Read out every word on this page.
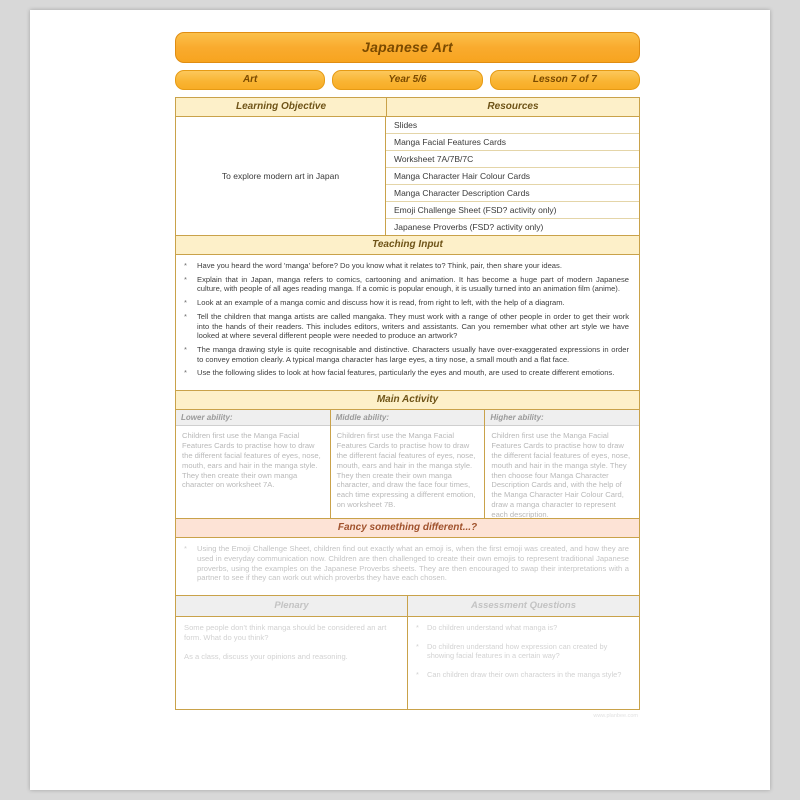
Japanese Art
Art	Year 5/6	Lesson 7 of 7
Learning Objective	Resources
To explore modern art in Japan
Slides
Manga Facial Features Cards
Worksheet 7A/7B/7C
Manga Character Hair Colour Cards
Manga Character Description Cards
Emoji Challenge Sheet (FSD? activity only)
Japanese Proverbs (FSD? activity only)
Teaching Input
*	Have you heard the word 'manga' before? Do you know what it relates to? Think, pair, then share your ideas.
*	Explain that in Japan, manga refers to comics, cartooning and animation. It has become a huge part of modern Japanese culture, with people of all ages reading manga. If a comic is popular enough, it is usually turned into an animation film (anime).
*	Look at an example of a manga comic and discuss how it is read, from right to left, with the help of a diagram.
*	Tell the children that manga artists are called mangaka. They must work with a range of other people in order to get their work into the hands of their readers. This includes editors, writers and assistants. Can you remember what other art style we have looked at where several different people were needed to produce an artwork?
*	The manga drawing style is quite recognisable and distinctive. Characters usually have over-exaggerated expressions in order to convey emotion clearly. A typical manga character has large eyes, a tiny nose, a small mouth and a flat face.
*	Use the following slides to look at how facial features, particularly the eyes and mouth, are used to create different emotions.
Main Activity
Lower ability:
Children first use the Manga Facial Features Cards to practise how to draw the different facial features of eyes, nose, mouth, ears and hair in the manga style. They then create their own manga character on worksheet 7A.
Middle ability:
Children first use the Manga Facial Features Cards to practise how to draw the different facial features of eyes, nose, mouth, ears and hair in the manga style. They then create their own manga character, and draw the face four times, each time expressing a different emotion, on worksheet 7B.
Higher ability:
Children first use the Manga Facial Features Cards to practise how to draw the different facial features of eyes, nose, mouth and hair in the manga style. They then choose four Manga Character Description Cards and, with the help of the Manga Character Hair Colour Card, draw a manga character to represent each description.
Fancy something different...?
*	Using the Emoji Challenge Sheet, children find out exactly what an emoji is, when the first emoji was created, and how they are used in everyday communication now. Children are then challenged to create their own emojis to represent traditional Japanese proverbs, using the examples on the Japanese Proverbs sheets. They are then encouraged to swap their interpretations with a partner to see if they can work out which proverbs they have each chosen.
Plenary	Assessment Questions
Some people don't think manga should be considered an art form. What do you think?
As a class, discuss your opinions and reasoning.
*	Do children understand what manga is?
*	Do children understand how expression can created by showing facial features in a certain way?
*	Can children draw their own characters in the manga style?
www.planbee.com
